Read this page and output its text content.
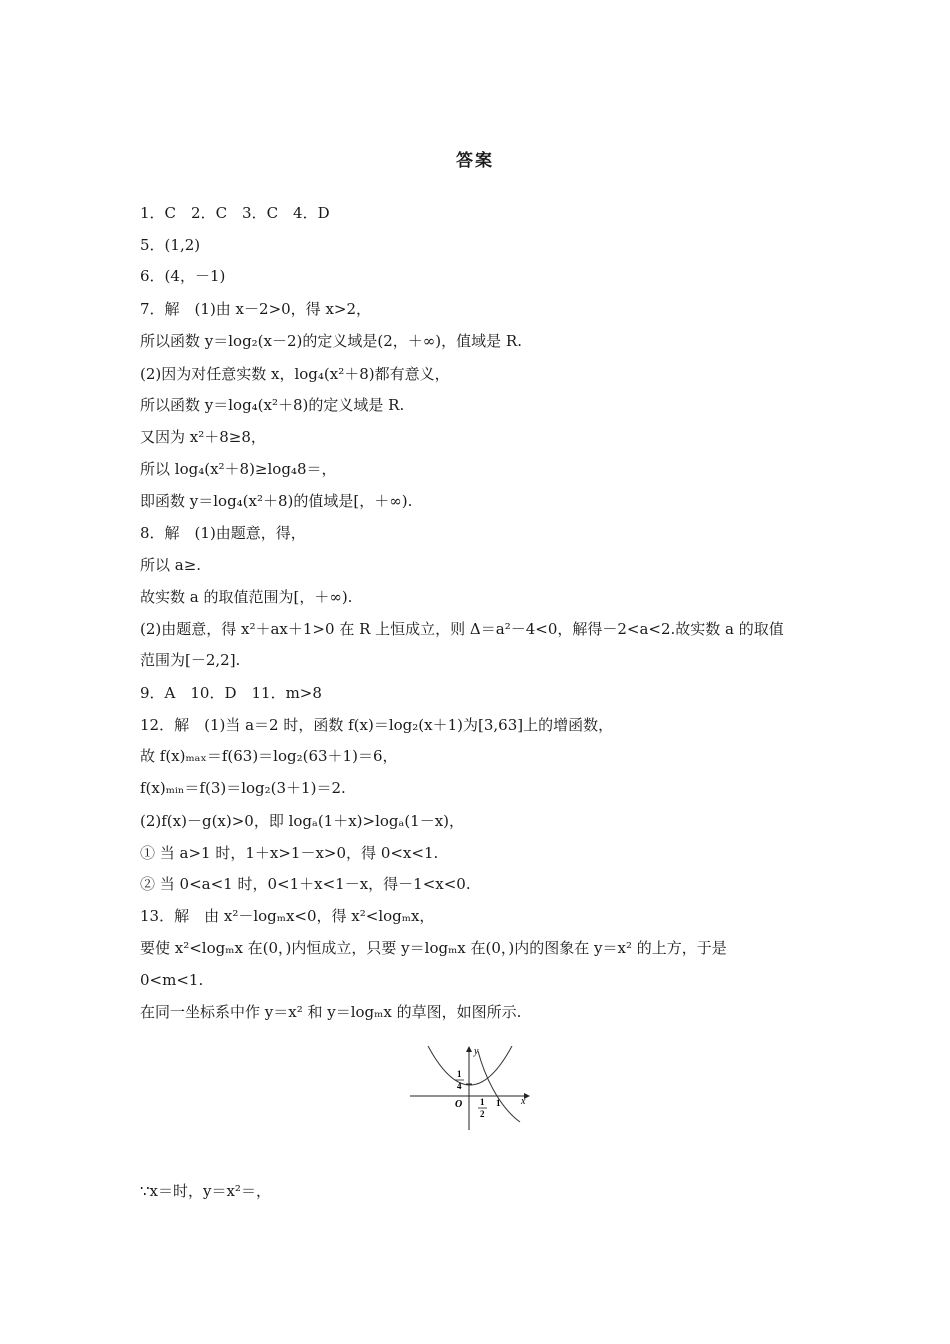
答案
1．C　2．C　3．C　4．D
5．(1,2)
6．(4，－1)
7．解　(1)由 x－2>0，得 x>2，
所以函数 y＝log₂(x－2)的定义域是(2，＋∞)，值域是 R.
(2)因为对任意实数 x，log₄(x²＋8)都有意义，
所以函数 y＝log₄(x²＋8)的定义域是 R.
又因为 x²＋8≥8，
所以 log₄(x²＋8)≥log₄8＝，
即函数 y＝log₄(x²＋8)的值域是[，＋∞).
8．解　(1)由题意，得，
所以 a≥.
故实数 a 的取值范围为[，＋∞).
(2)由题意，得 x²＋ax＋1>0 在 R 上恒成立，则 Δ＝a²－4<0，解得－2<a<2.故实数 a 的取值
范围为[－2,2].
9．A　10．D　11．m>8
12．解　(1)当 a＝2 时，函数 f(x)＝log₂(x＋1)为[3,63]上的增函数，
故 f(x)ₘₐₓ＝f(63)＝log₂(63＋1)＝6，
f(x)ₘᵢₙ＝f(3)＝log₂(3＋1)＝2.
(2)f(x)－g(x)>0，即 logₐ(1＋x)>logₐ(1－x)，
① 当 a>1 时，1＋x>1－x>0，得 0<x<1.
② 当 0<a<1 时，0<1＋x<1－x，得－1<x<0.
13．解　由 x²－logₘx<0，得 x²<logₘx，
要使 x²<logₘx 在(0，)内恒成立，只要 y＝logₘx 在(0，)内的图象在 y＝x² 的上方，于是
0<m<1.
在同一坐标系中作 y＝x² 和 y＝logₘx 的草图，如图所示.
1
4
O 1
2
1 x
y
∵x＝时，y＝x²＝，
